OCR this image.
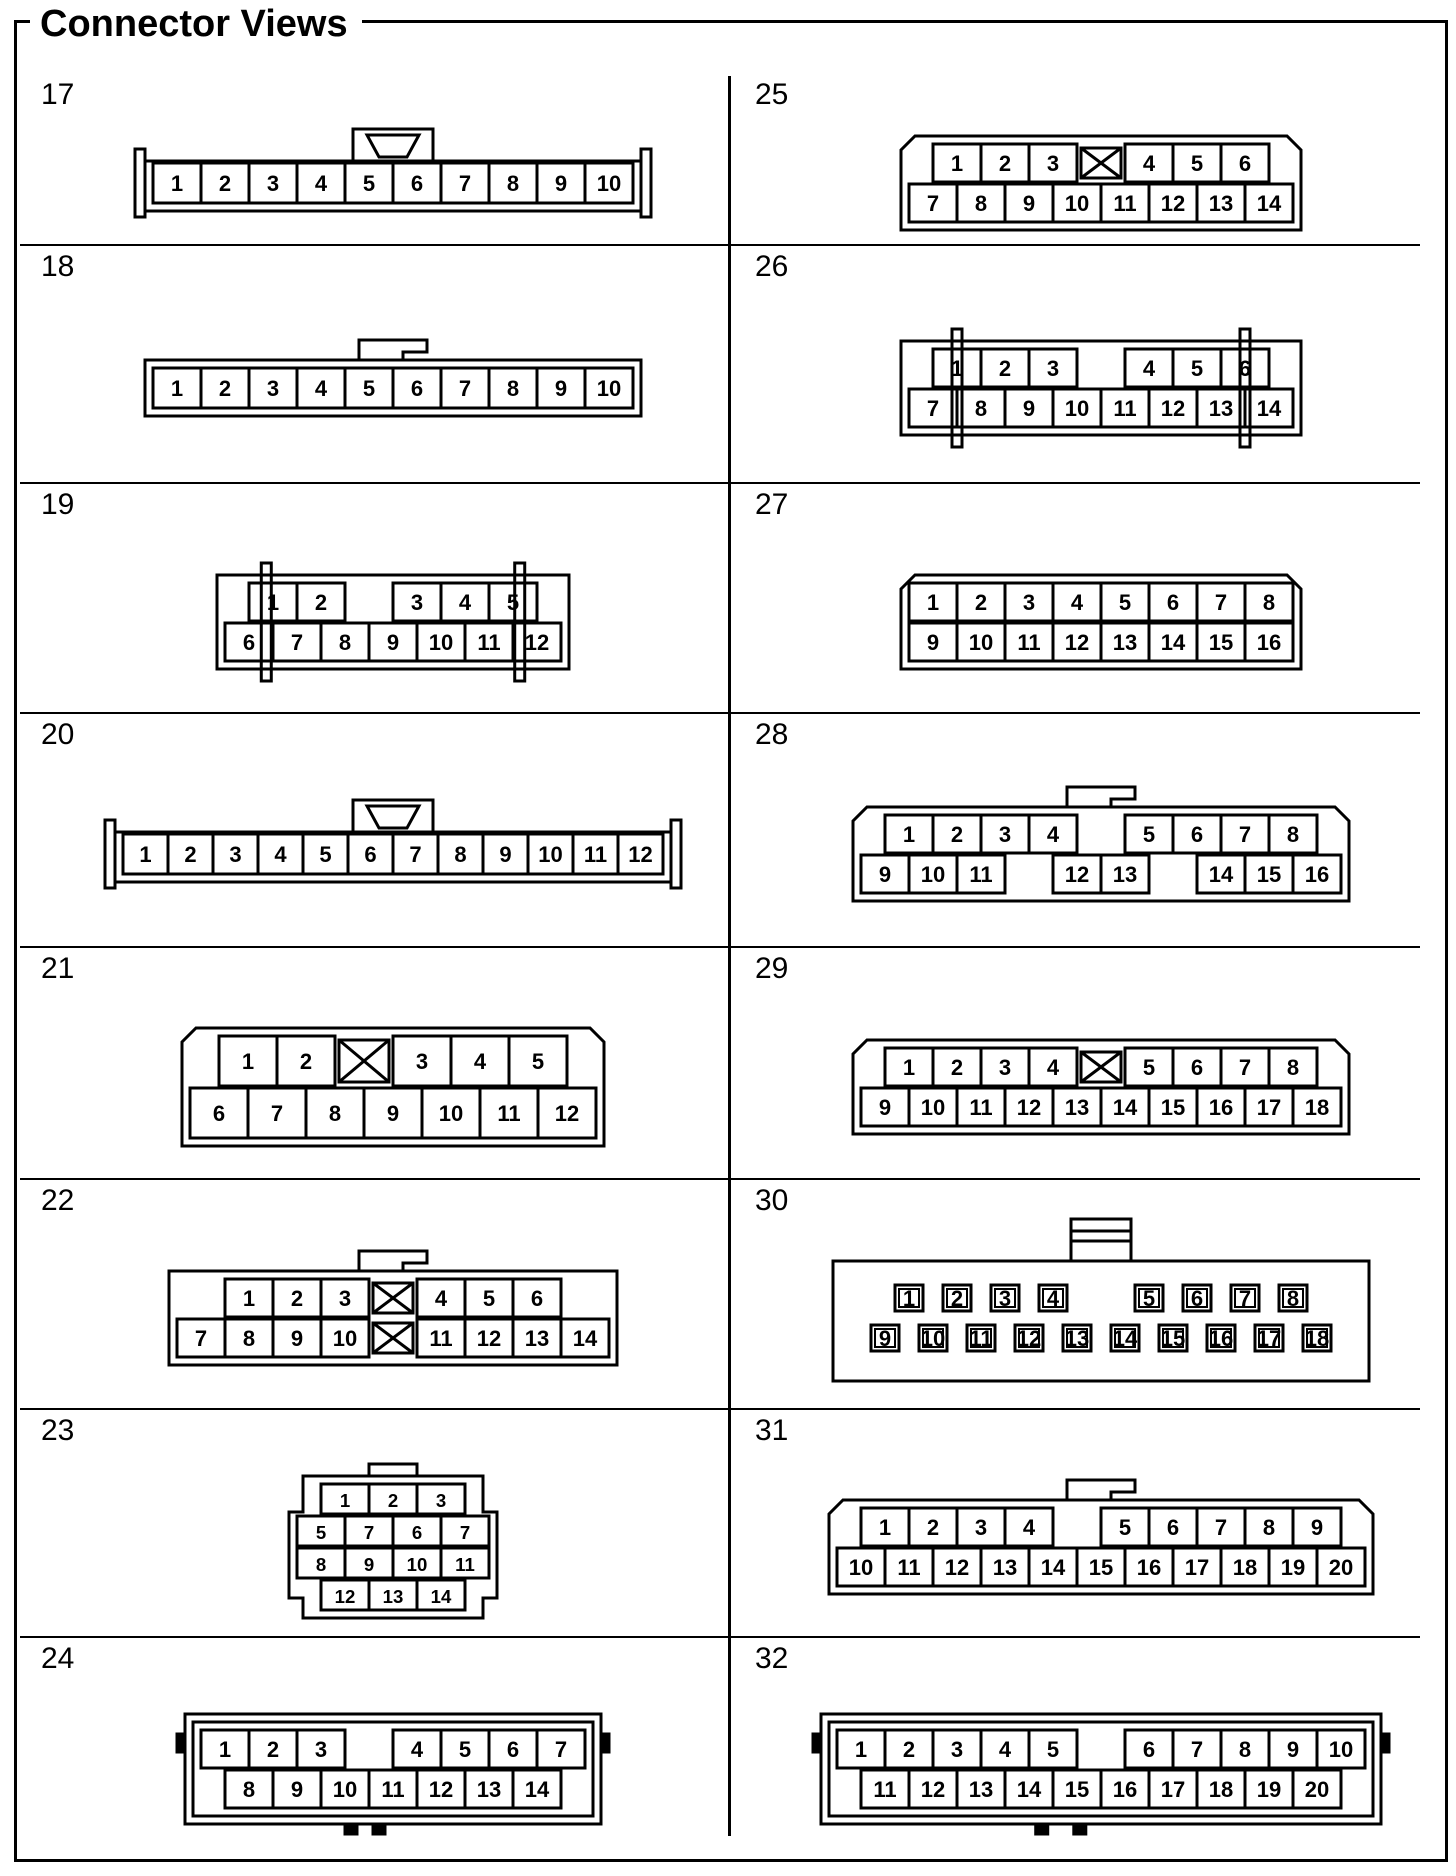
Connector Views
17
1 2 3 4 5 6 7 8 9 10
18
1 2 3 4 5 6 7 8 9 10
19
1 2	3 4 5
6 7 8 9 10 11 12
20
1 2 3 4 5 6 7 8 9 10 11 12
21
1 2	3 4 5
6 7 8 9 10 11 12
22
1 2 3	4 5 6
7 8 9 10	11 12 13 14
23
1 2 3
5 7 6 7
8 9 10 11
12 13 14
24
1 2 3	4 5 6 7
8 9 10 11 12 13 14
25
1 2 3	4 5 6
7 8 9 10 11 12 13 14
26
1 2 3	4 5 6
7 8 9 10 11 12 13 14
27
1 2 3 4 5 6 7 8
9 10 11 12 13 14 15 16
28
1 2 3 4	5 6 7 8
9 10 11	12 13	14 15 16
29
1 2 3 4	5 6 7 8
9 10 11 12 13 14 15 16 17 18
30
1 2 3 4	5 6 7 8
9 10 11 12 13 14 15 16 17 18
31
1 2 3 4	5 6 7 8 9
10 11 12 13 14 15 16 17 18 19 20
32
1 2 3 4 5	6 7 8 9 10
11 12 13 14 15 16 17 18 19 20
